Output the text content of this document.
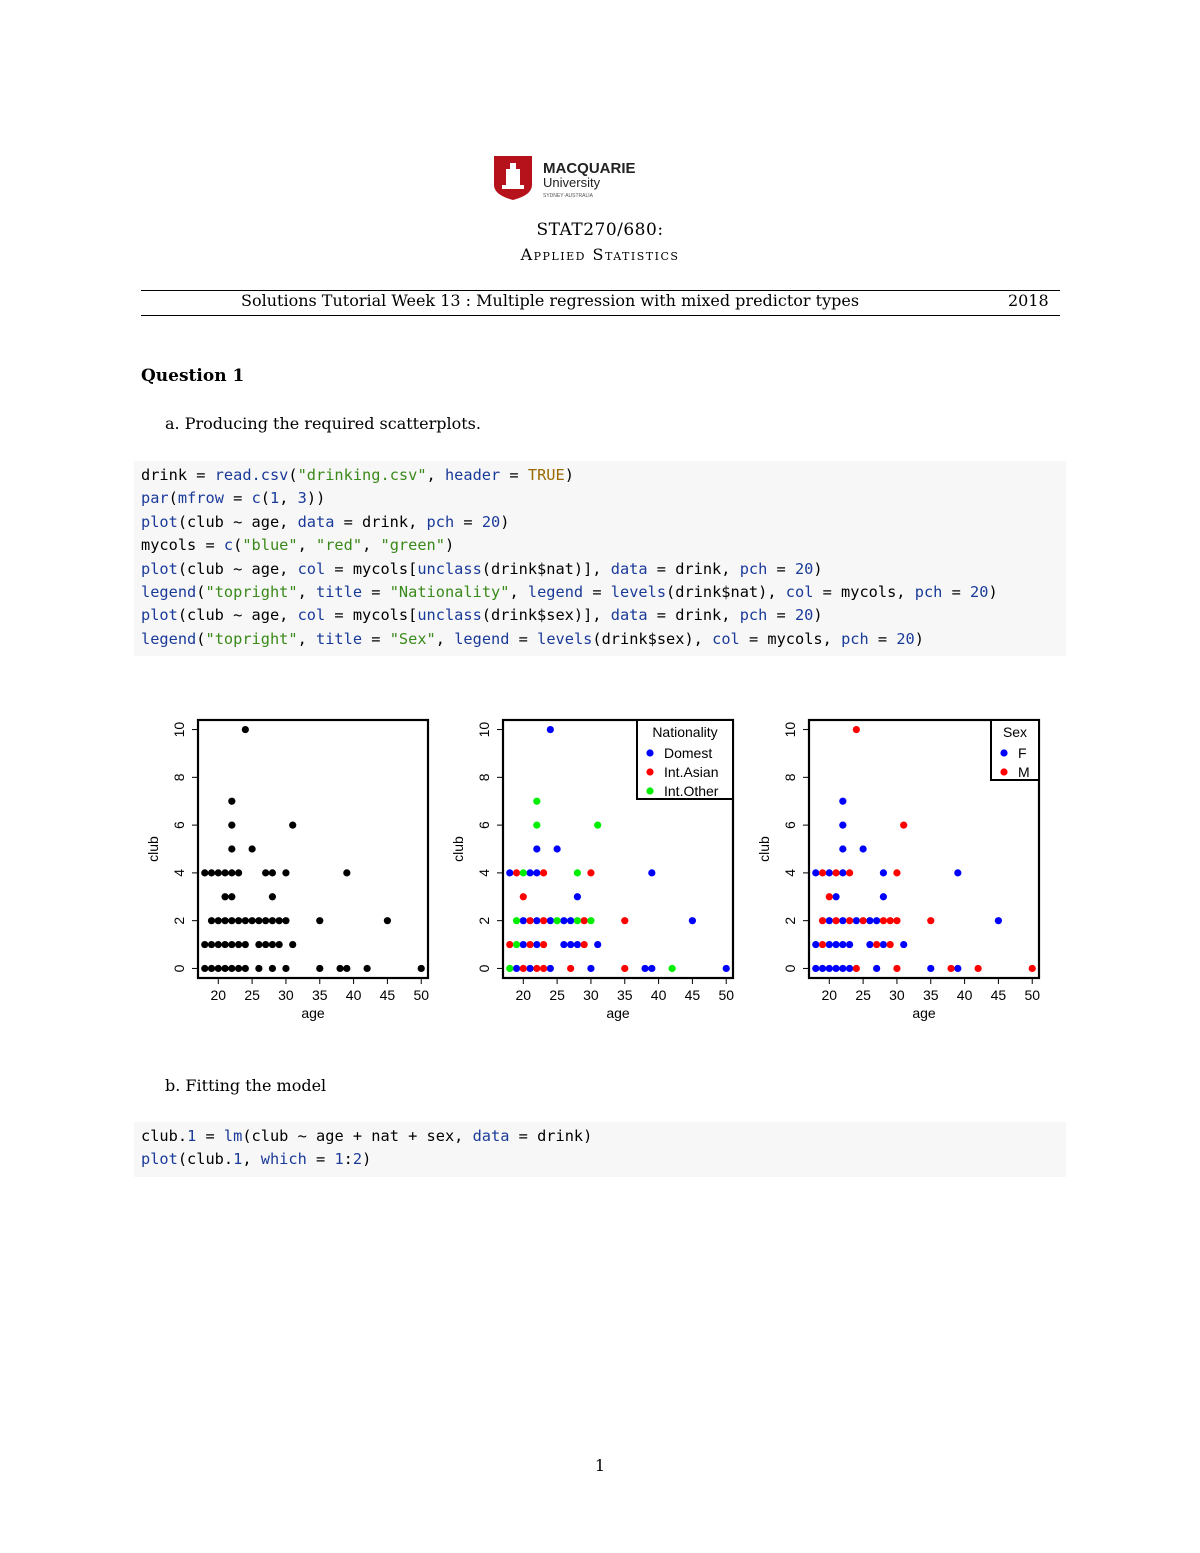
MACQUARIE
University
SYDNEY·AUSTRALIA
STAT270/680:
Applied Statistics
Solutions Tutorial Week 13 : Multiple regression with mixed predictor types	2018
Question 1
a. Producing the required scatterplots.
drink = read.csv("drinking.csv", header = TRUE)
par(mfrow = c(1, 3))
plot(club ~ age, data = drink, pch = 20)
mycols = c("blue", "red", "green")
plot(club ~ age, col = mycols[unclass(drink$nat)], data = drink, pch = 20)
legend("topright", title = "Nationality", legend = levels(drink$nat), col = mycols, pch = 20)
plot(club ~ age, col = mycols[unclass(drink$sex)], data = drink, pch = 20)
legend("topright", title = "Sex", legend = levels(drink$sex), col = mycols, pch = 20)
20 25 30 35 40 45 50
0
2
4
6
8
10
age
club
20 25 30 35 40 45 50
0
2
4
6
8
10
age
club
Nationality
Domest
Int.Asian
Int.Other
20 25 30 35 40 45 50
0
2
4
6
8
10
age
club
Sex
F
M
b. Fitting the model
club.1 = lm(club ~ age + nat + sex, data = drink)
plot(club.1, which = 1:2)
1
